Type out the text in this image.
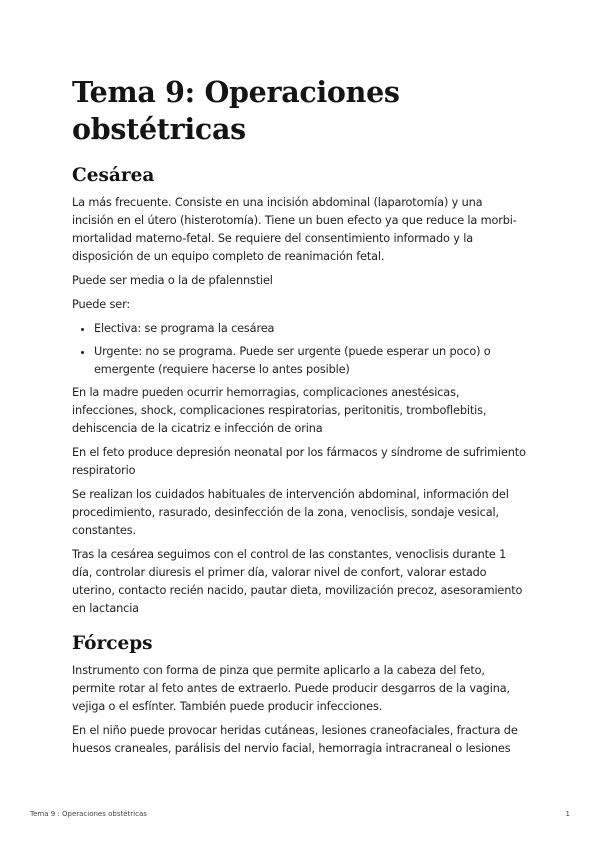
Tema 9: Operaciones obstétricas
Cesárea

La más frecuente. Consiste en una incisión abdominal (laparotomía) y una incisión en el útero (histerotomía). Tiene un buen efecto ya que reduce la morbi-mortalidad materno-fetal. Se requiere del consentimiento informado y la disposición de un equipo completo de reanimación fetal.

Puede ser media o la de pfalennstiel

Puede ser:

• Electiva: se programa la cesárea
• Urgente: no se programa. Puede ser urgente (puede esperar un poco) o emergente (requiere hacerse lo antes posible)

En la madre pueden ocurrir hemorragias, complicaciones anestésicas, infecciones, shock, complicaciones respiratorias, peritonitis, tromboflebitis, dehiscencia de la cicatriz e infección de orina

En el feto produce depresión neonatal por los fármacos y síndrome de sufrimiento respiratorio

Se realizan los cuidados habituales de intervención abdominal, información del procedimiento, rasurado, desinfección de la zona, venoclisis, sondaje vesical, constantes.

Tras la cesárea seguimos con el control de las constantes, venoclisis durante 1 día, controlar diuresis el primer día, valorar nivel de confort, valorar estado uterino, contacto recién nacido, pautar dieta, movilización precoz, asesoramiento en lactancia

Fórceps

Instrumento con forma de pinza que permite aplicarlo a la cabeza del feto, permite rotar al feto antes de extraerlo. Puede producir desgarros de la vagina, vejiga o el esfínter. También puede producir infecciones.

En el niño puede provocar heridas cutáneas, lesiones craneofaciales, fractura de huesos craneales, parálisis del nervio facial, hemorragia intracraneal o lesiones

Tema 9 : Operaciones obstétricas	1
